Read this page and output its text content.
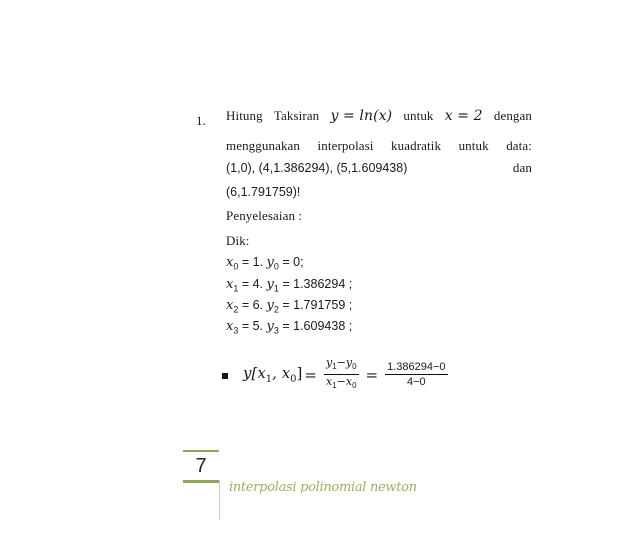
1. Hitung Taksiran y = ln(x) untuk x = 2 dengan
menggunakan interpolasi kuadratik untuk data:
(1,0), (4,1.386294), (5,1.609438)	dan
(6,1.791759)!
Penyelesaian :
Dik:
$x_0 = 1$. $y_0 = 0$;
$x_1 = 4$. $y_1 = 1.386294$ ;
$x_2 = 6$. $y_2 = 1.791759$ ;
$x_3 = 5$. $y_3 = 1.609438$ ;
$y[x_1$, $x_0] = \frac{y_1-y_0}{x_1-x_0} = \frac{1.386294-0}{4-0}$
7
interpolasi polinomial newton
